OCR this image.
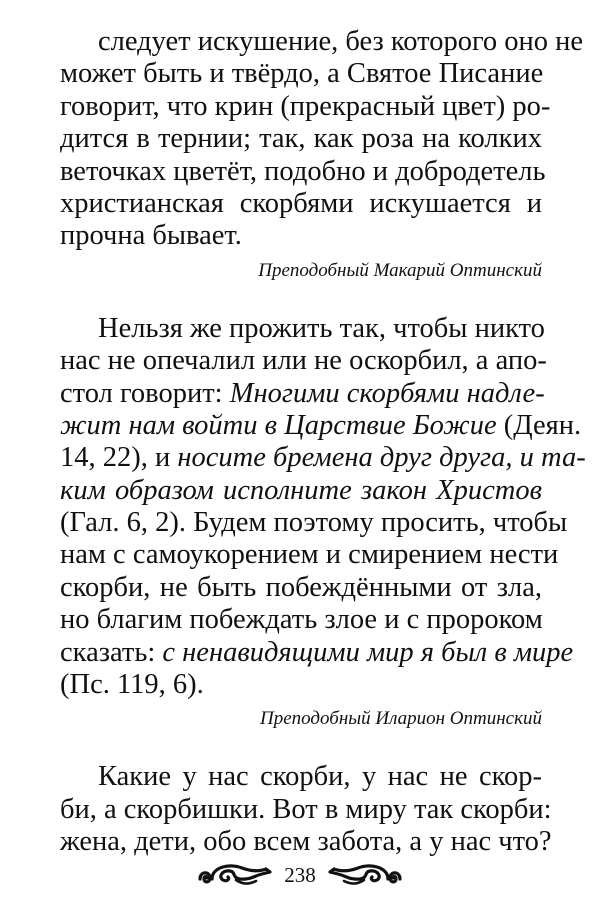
следует искушение, без которого оно не
может быть и твёрдо, а Святое Писание
говорит, что крин (прекрасный цвет) ро-
дится в тернии; так, как роза на колких
веточках цветёт, подобно и добродетель
христианская скорбями искушается и
прочна бывает.
Преподобный Макарий Оптинский
Нельзя же прожить так, чтобы никто
нас не опечалил или не оскорбил, а апо-
стол говорит: Многими скорбями надле-
жит нам войти в Царствие Божие (Деян.
14, 22), и носите бремена друг друга, и та-
ким образом исполните закон Христов
(Гал. 6, 2). Будем поэтому просить, чтобы
нам с самоукорением и смирением нести
скорби, не быть побеждёнными от зла,
но благим побеждать злое и с пророком
сказать: с ненавидящими мир я был в мире
(Пс. 119, 6).
Преподобный Иларион Оптинский
Какие у нас скорби, у нас не скор-
би, а скорбишки. Вот в миру так скорби:
жена, дети, обо всем забота, а у нас что?
238
